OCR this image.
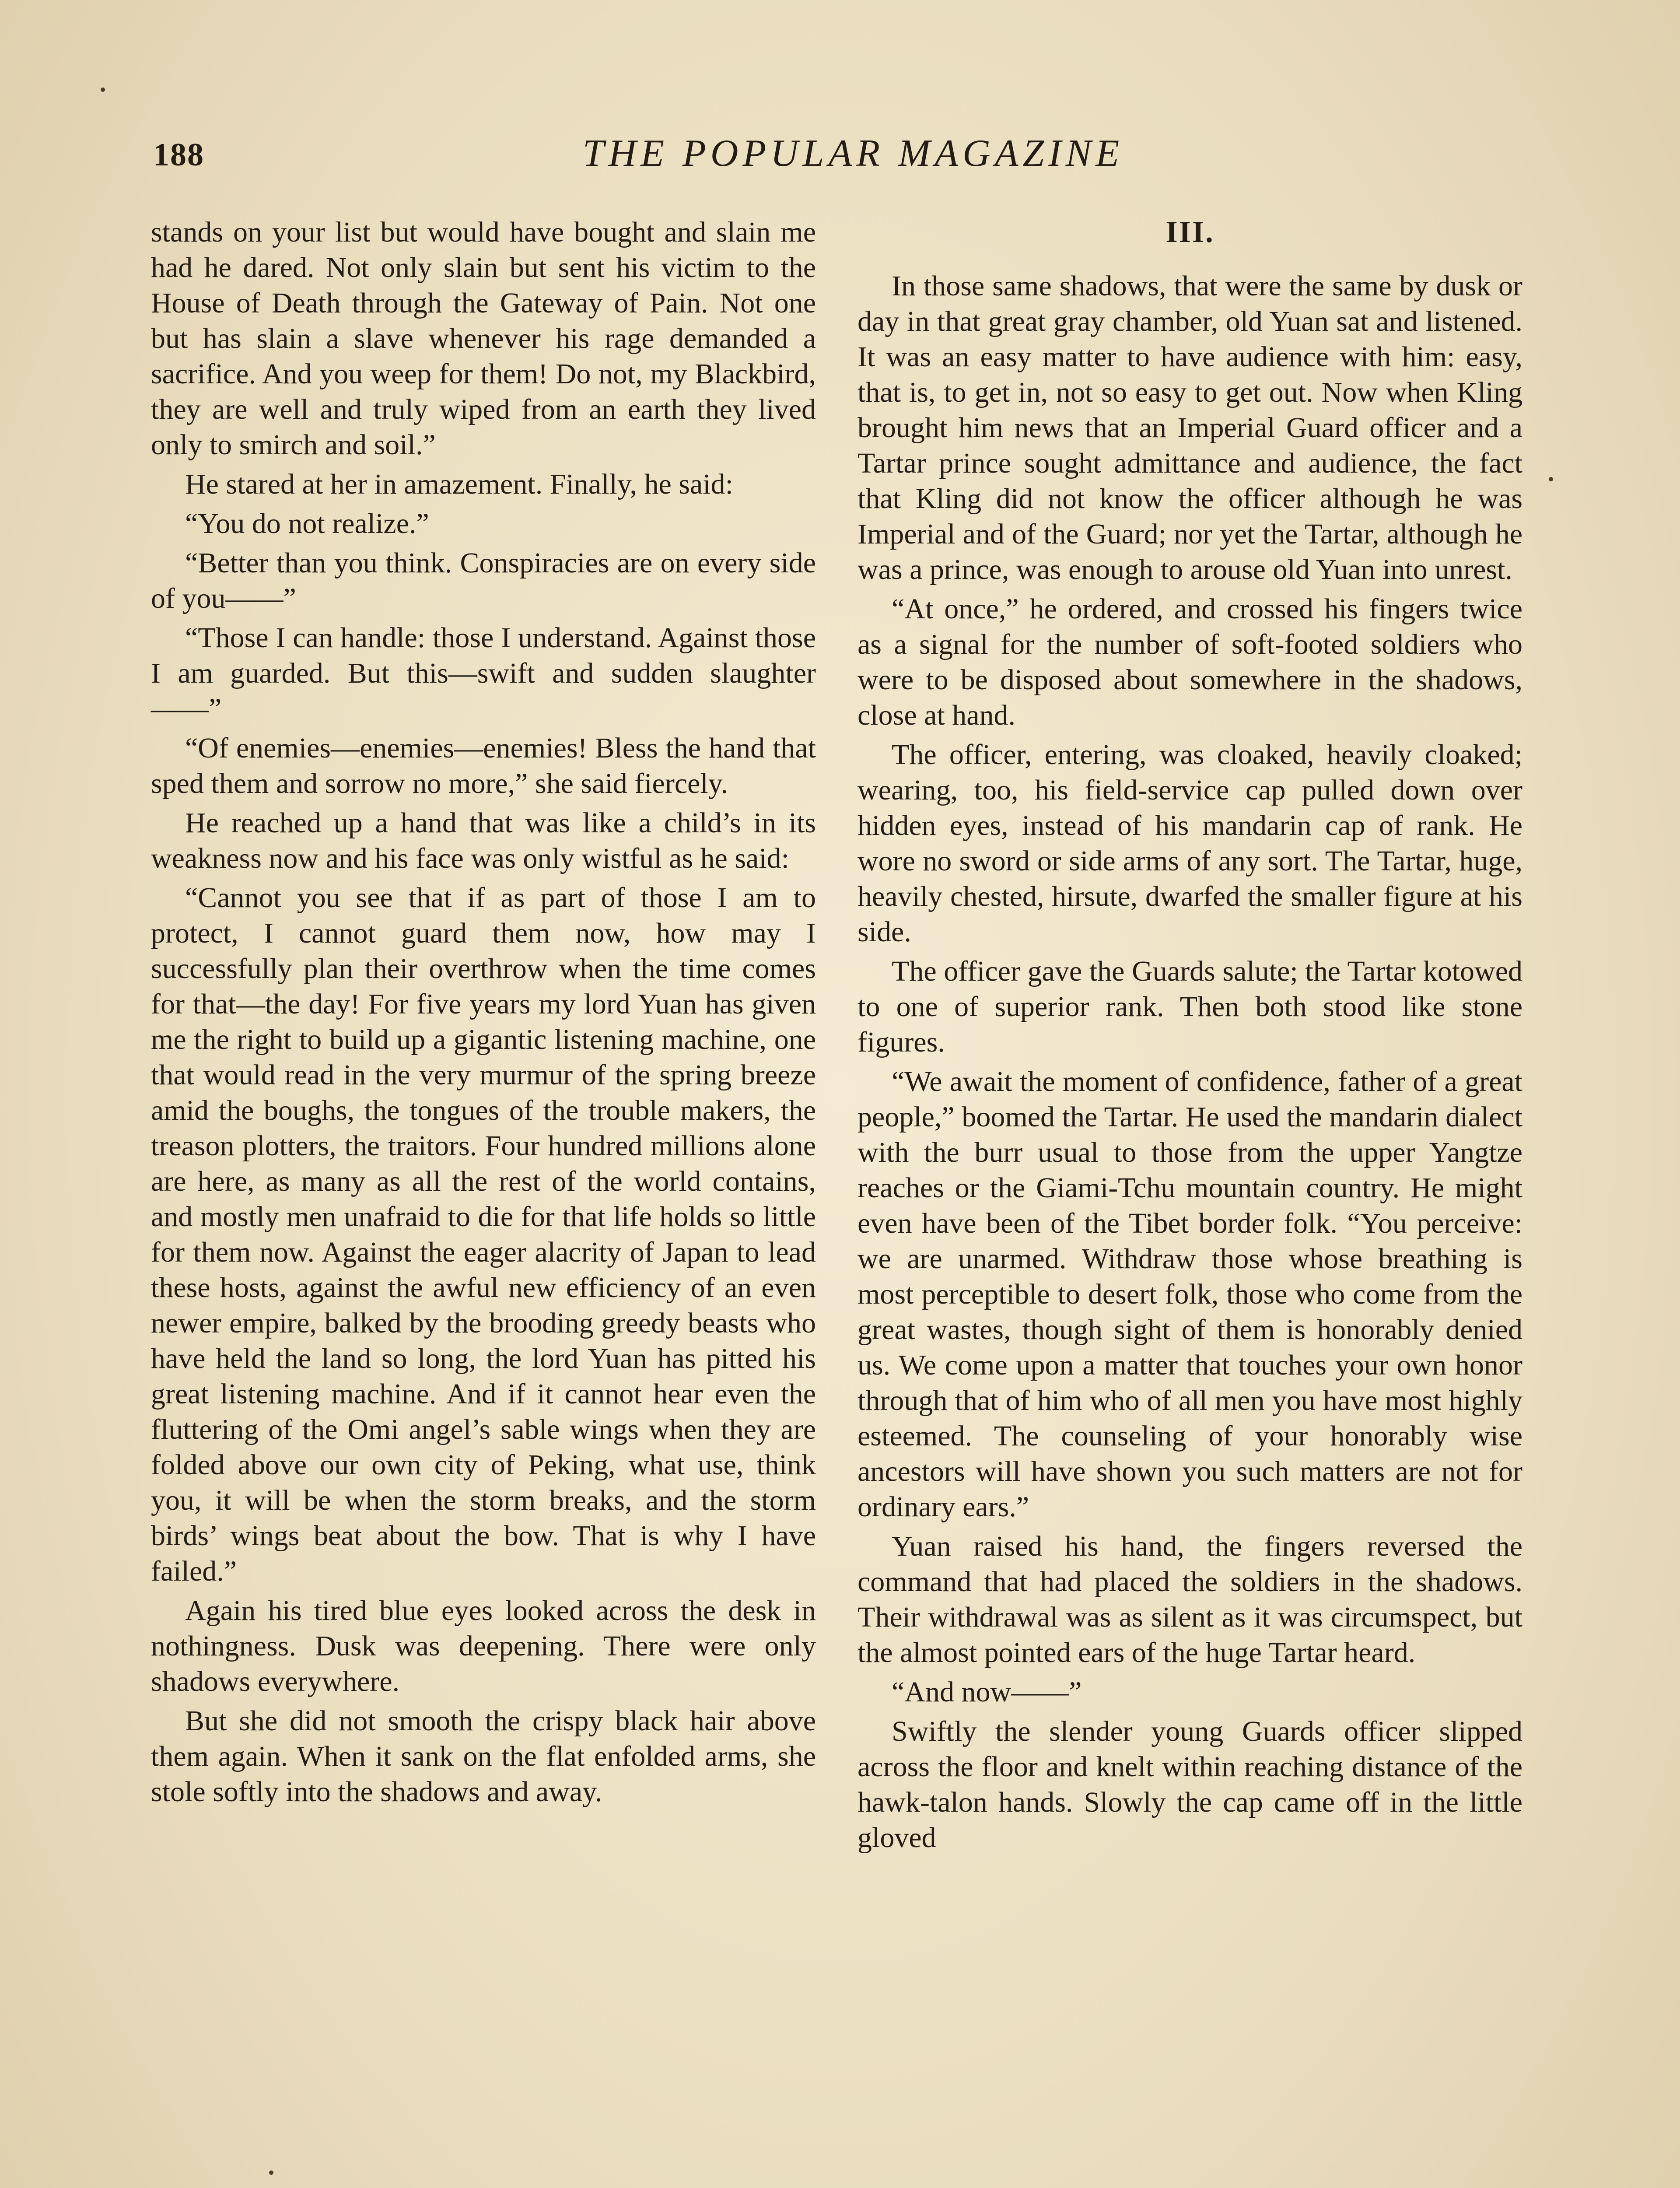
188	THE POPULAR MAGAZINE

stands on your list but would have bought and slain me had he dared. Not only slain but sent his victim to the House of Death through the Gateway of Pain. Not one but has slain a slave whenever his rage demanded a sacrifice. And you weep for them! Do not, my Blackbird, they are well and truly wiped from an earth they lived only to smirch and soil.”

He stared at her in amazement. Finally, he said:

“You do not realize.”

“Better than you think. Conspiracies are on every side of you——”

“Those I can handle: those I understand. Against those I am guarded. But this—swift and sudden slaughter——”

“Of enemies—enemies—enemies! Bless the hand that sped them and sorrow no more,” she said fiercely.

He reached up a hand that was like a child’s in its weakness now and his face was only wistful as he said:

“Cannot you see that if as part of those I am to protect, I cannot guard them now, how may I successfully plan their overthrow when the time comes for that—the day! For five years my lord Yuan has given me the right to build up a gigantic listening machine, one that would read in the very murmur of the spring breeze amid the boughs, the tongues of the trouble makers, the treason plotters, the traitors. Four hundred millions alone are here, as many as all the rest of the world contains, and mostly men unafraid to die for that life holds so little for them now. Against the eager alacrity of Japan to lead these hosts, against the awful new efficiency of an even newer empire, balked by the brooding greedy beasts who have held the land so long, the lord Yuan has pitted his great listening machine. And if it cannot hear even the fluttering of the Omi angel’s sable wings when they are folded above our own city of Peking, what use, think you, it will be when the storm breaks, and the storm birds’ wings beat about the bow. That is why I have failed.”

Again his tired blue eyes looked across the desk in nothingness. Dusk was deepening. There were only shadows everywhere.

But she did not smooth the crispy black hair above them again. When it sank on the flat enfolded arms, she stole softly into the shadows and away.

III.

In those same shadows, that were the same by dusk or day in that great gray chamber, old Yuan sat and listened. It was an easy matter to have audience with him: easy, that is, to get in, not so easy to get out. Now when Kling brought him news that an Imperial Guard officer and a Tartar prince sought admittance and audience, the fact that Kling did not know the officer although he was Imperial and of the Guard; nor yet the Tartar, although he was a prince, was enough to arouse old Yuan into unrest.

“At once,” he ordered, and crossed his fingers twice as a signal for the number of soft-footed soldiers who were to be disposed about somewhere in the shadows, close at hand.

The officer, entering, was cloaked, heavily cloaked; wearing, too, his field-service cap pulled down over hidden eyes, instead of his mandarin cap of rank. He wore no sword or side arms of any sort. The Tartar, huge, heavily chested, hirsute, dwarfed the smaller figure at his side.

The officer gave the Guards salute; the Tartar kotowed to one of superior rank. Then both stood like stone figures.

“We await the moment of confidence, father of a great people,” boomed the Tartar. He used the mandarin dialect with the burr usual to those from the upper Yangtze reaches or the Giami-Tchu mountain country. He might even have been of the Tibet border folk. “You perceive: we are unarmed. Withdraw those whose breathing is most perceptible to desert folk, those who come from the great wastes, though sight of them is honorably denied us. We come upon a matter that touches your own honor through that of him who of all men you have most highly esteemed. The counseling of your honorably wise ancestors will have shown you such matters are not for ordinary ears.”

Yuan raised his hand, the fingers reversed the command that had placed the soldiers in the shadows. Their withdrawal was as silent as it was circumspect, but the almost pointed ears of the huge Tartar heard.

“And now——”

Swiftly the slender young Guards officer slipped across the floor and knelt within reaching distance of the hawk-talon hands. Slowly the cap came off in the little gloved
